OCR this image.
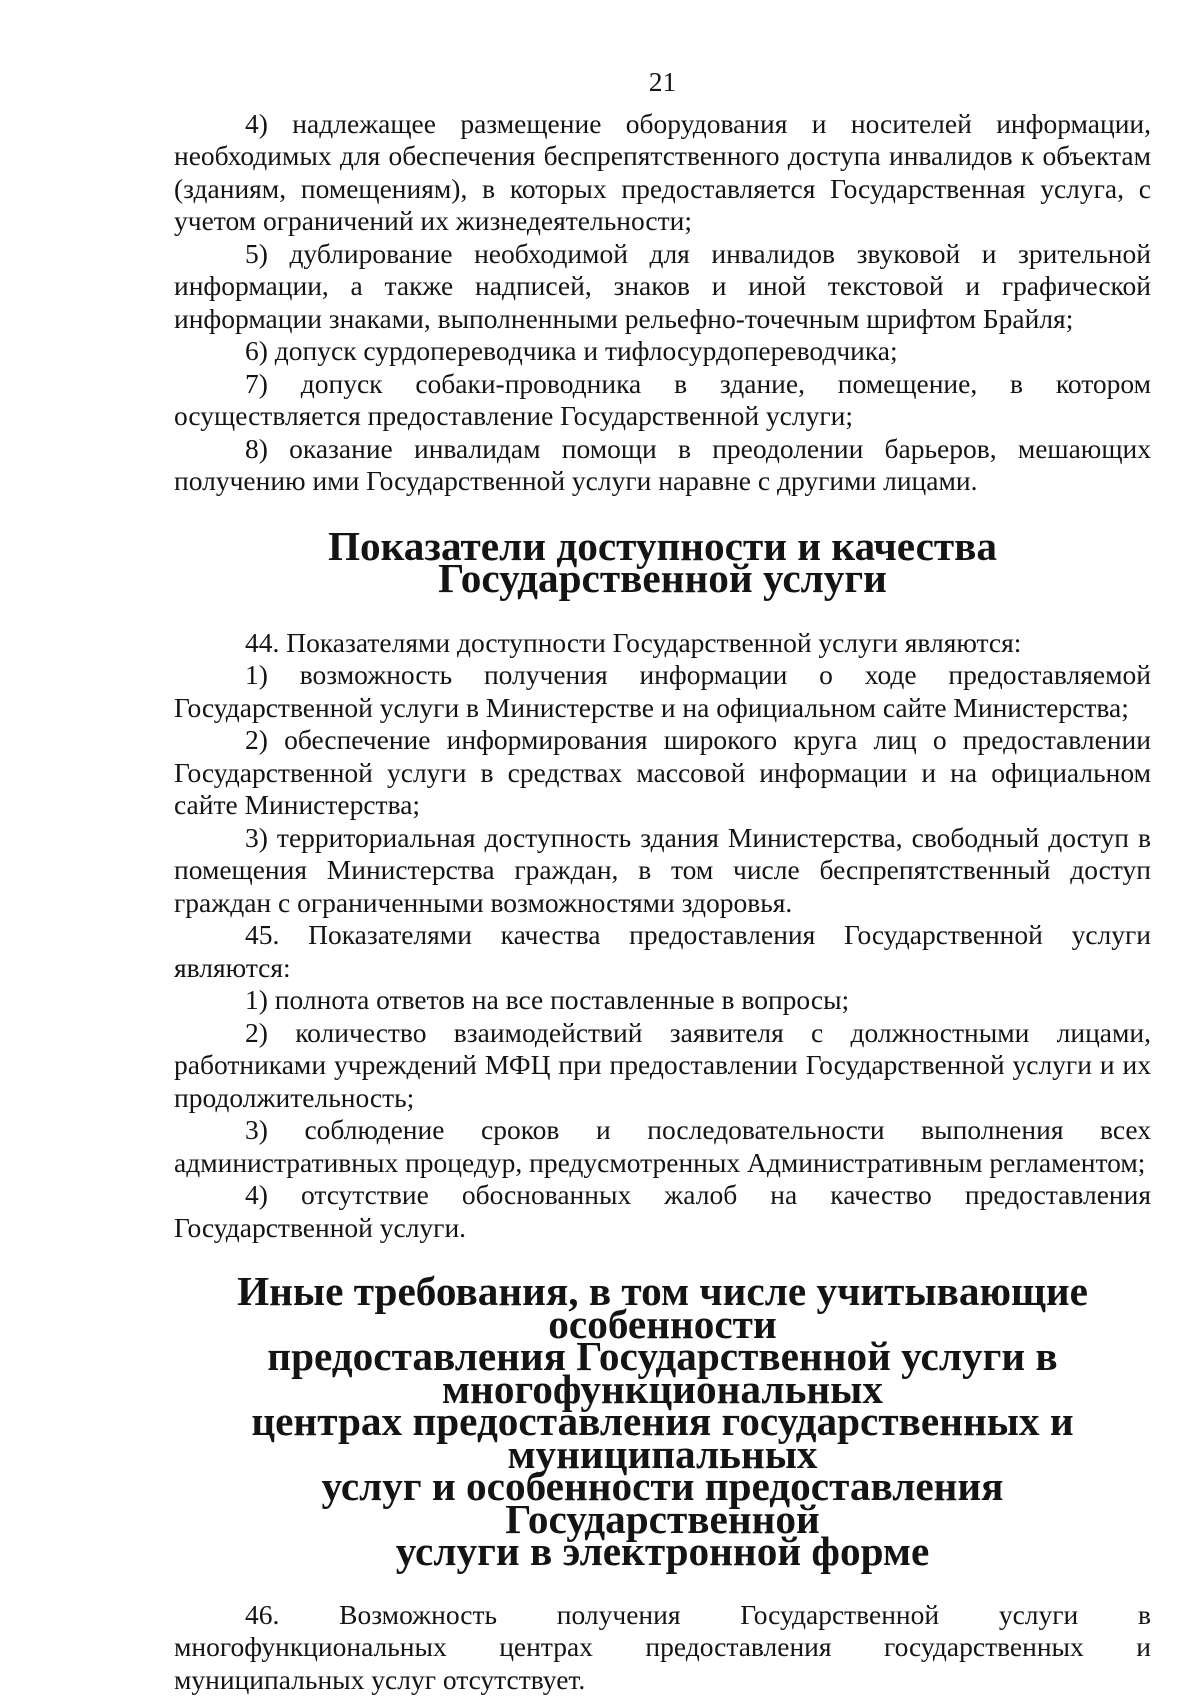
21

4) надлежащее размещение оборудования и носителей информации, необходимых для обеспечения беспрепятственного доступа инвалидов к объектам (зданиям, помещениям), в которых предоставляется Государственная услуга, с учетом ограничений их жизнедеятельности;

5) дублирование необходимой для инвалидов звуковой и зрительной информации, а также надписей, знаков и иной текстовой и графической информации знаками, выполненными рельефно-точечным шрифтом Брайля;

6) допуск сурдопереводчика и тифлосурдопереводчика;

7) допуск собаки-проводника в здание, помещение, в котором осуществляется предоставление Государственной услуги;

8) оказание инвалидам помощи в преодолении барьеров, мешающих получению ими Государственной услуги наравне с другими лицами.

Показатели доступности и качества Государственной услуги

44. Показателями доступности Государственной услуги являются:

1) возможность получения информации о ходе предоставляемой Государственной услуги в Министерстве и на официальном сайте Министерства;

2) обеспечение информирования широкого круга лиц о предоставлении Государственной услуги в средствах массовой информации и на официальном сайте Министерства;

3) территориальная доступность здания Министерства, свободный доступ в помещения Министерства граждан, в том числе беспрепятственный доступ граждан с ограниченными возможностями здоровья.

45. Показателями качества предоставления Государственной услуги являются:

1) полнота ответов на все поставленные в вопросы;

2) количество взаимодействий заявителя с должностными лицами, работниками учреждений МФЦ при предоставлении Государственной услуги и их продолжительность;

3) соблюдение сроков и последовательности выполнения всех административных процедур, предусмотренных Административным регламентом;

4) отсутствие обоснованных жалоб на качество предоставления Государственной услуги.

Иные требования, в том числе учитывающие особенности
предоставления Государственной услуги в многофункциональных
центрах предоставления государственных и муниципальных
услуг и особенности предоставления Государственной
услуги в электронной форме

46. Возможность получения Государственной услуги в многофункциональных центрах предоставления государственных и муниципальных услуг отсутствует.
